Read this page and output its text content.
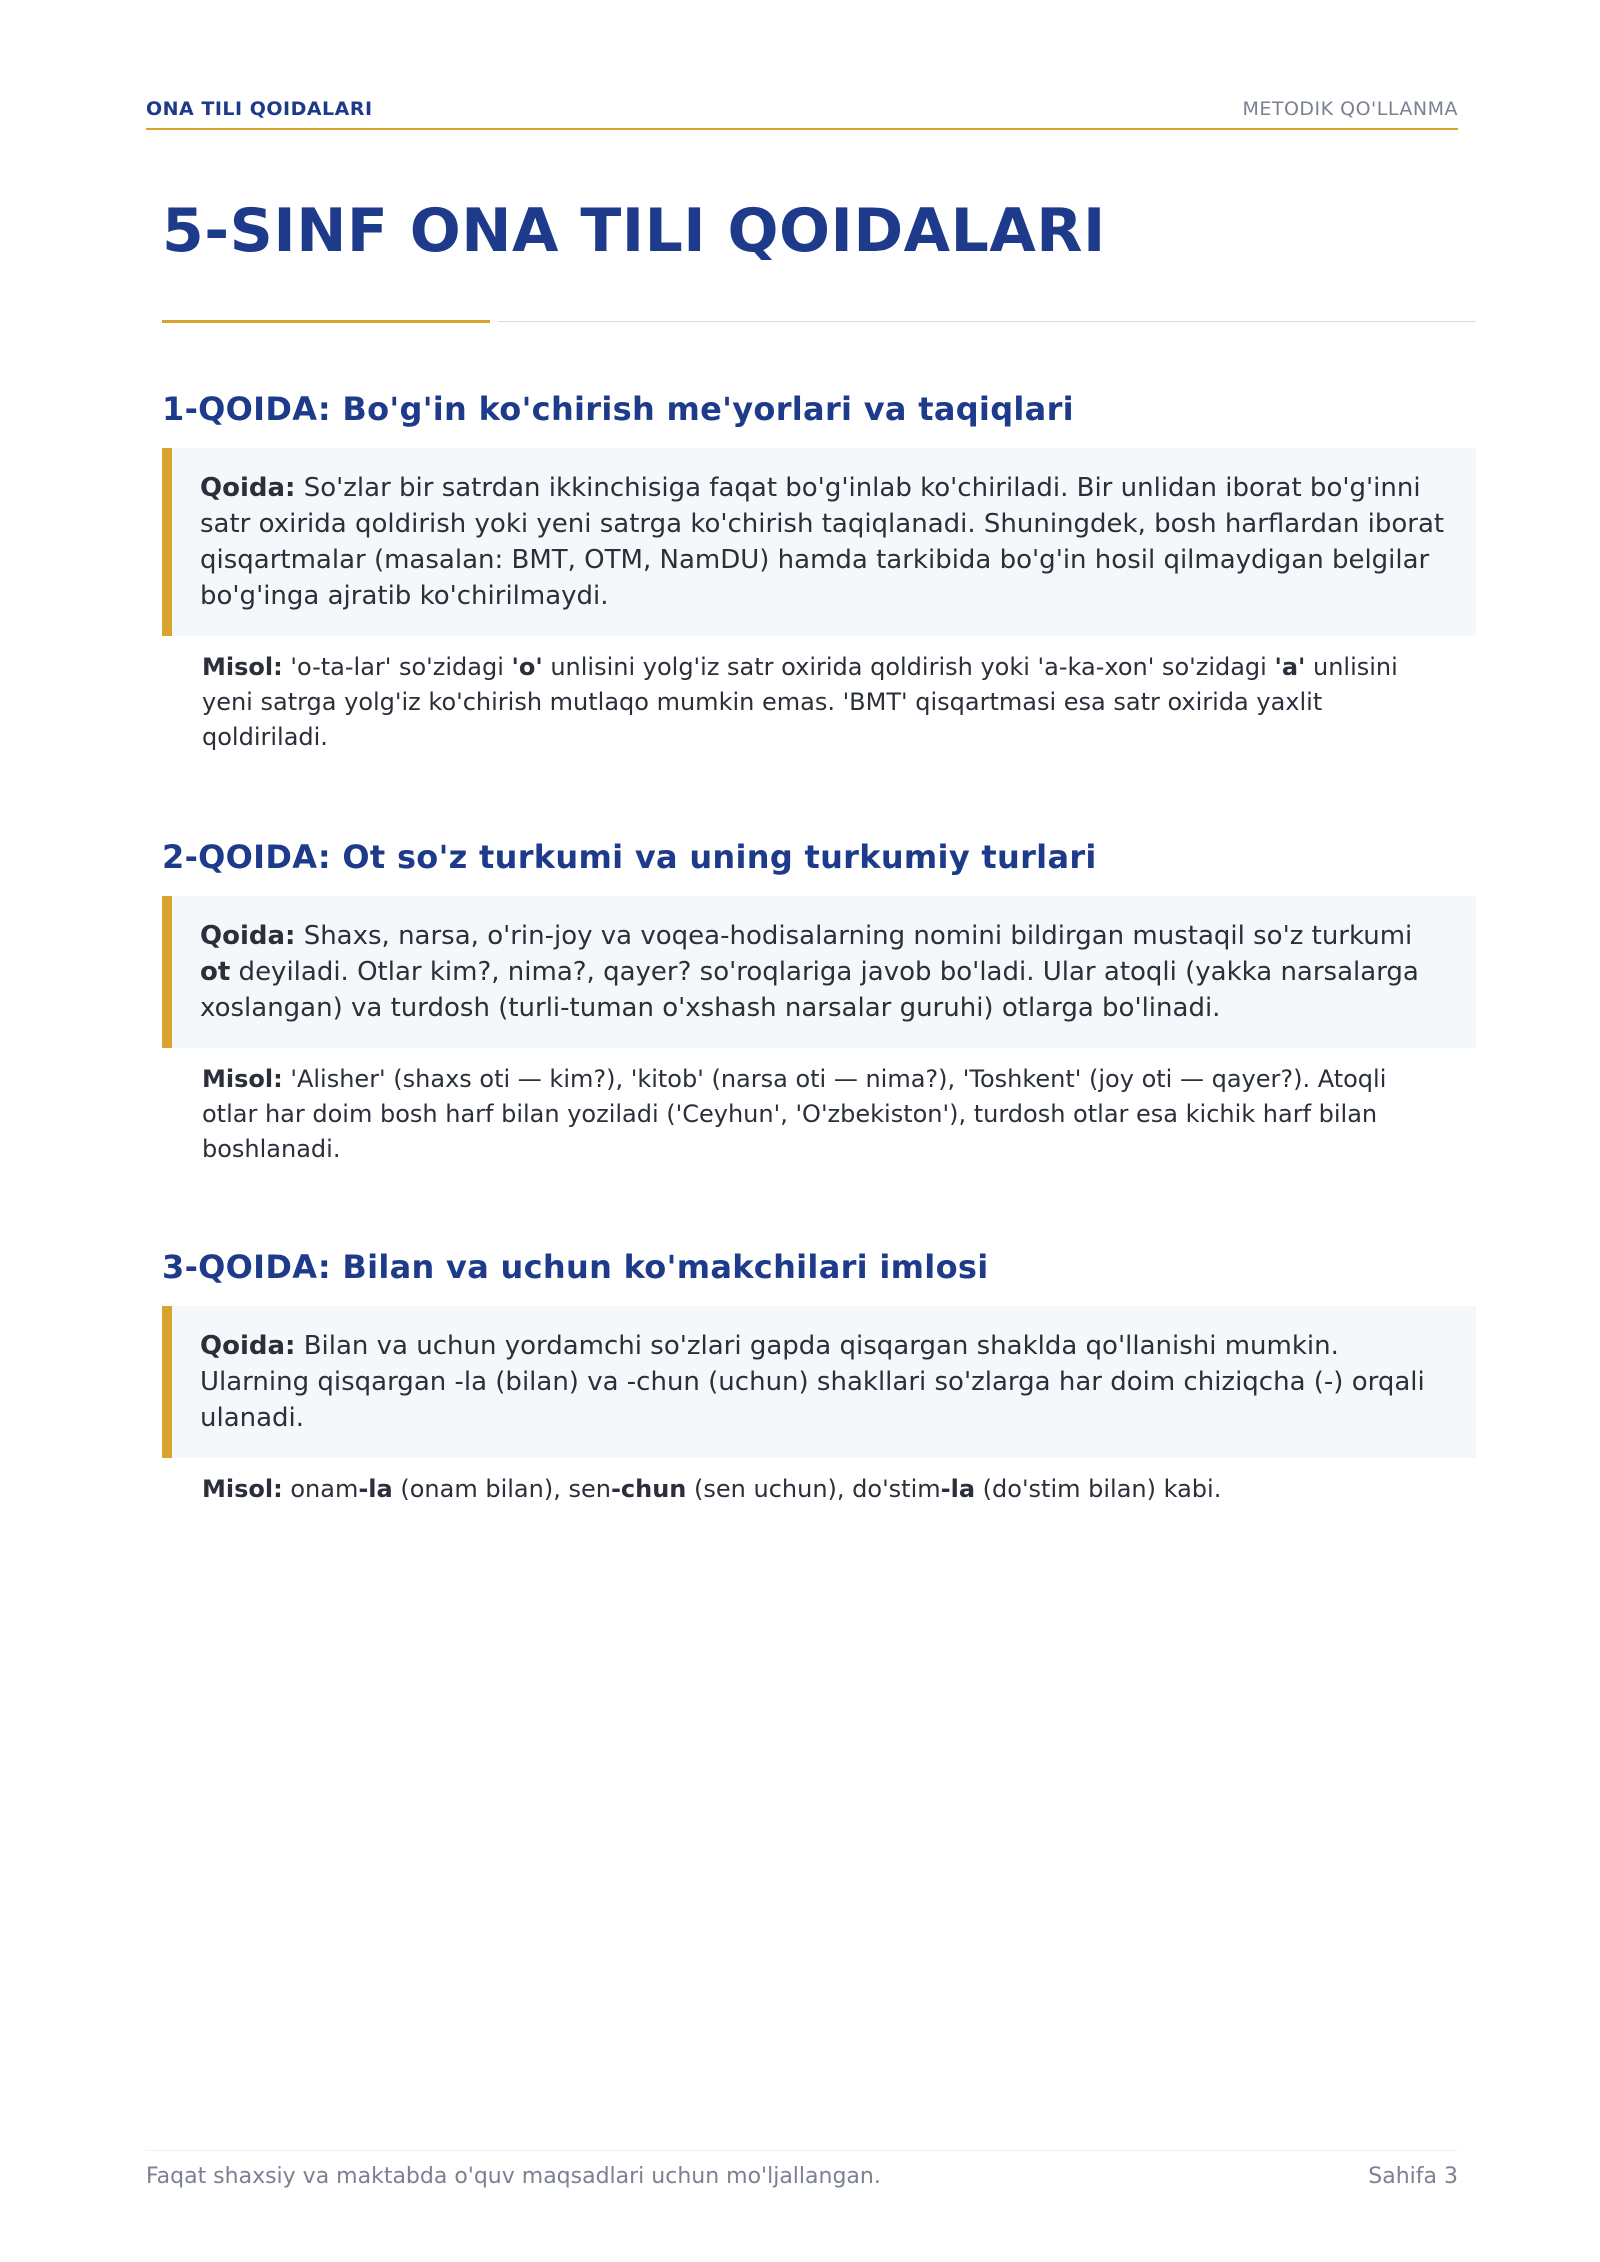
ONA TILI QOIDALARI	METODIK QO'LLANMA
5-SINF ONA TILI QOIDALARI
1-QOIDA: Bo'g'in ko'chirish me'yorlari va taqiqlari
Qoida: So'zlar bir satrdan ikkinchisiga faqat bo'g'inlab ko'chiriladi. Bir unlidan iborat bo'g'inni satr oxirida qoldirish yoki yeni satrga ko'chirish taqiqlanadi. Shuningdek, bosh harflardan iborat qisqartmalar (masalan: BMT, OTM, NamDU) hamda tarkibida bo'g'in hosil qilmaydigan belgilar bo'g'inga ajratib ko'chirilmaydi.
Misol: 'o-ta-lar' so'zidagi 'o' unlisini yolg'iz satr oxirida qoldirish yoki 'a-ka-xon' so'zidagi 'a' unlisini yeni satrga yolg'iz ko'chirish mutlaqo mumkin emas. 'BMT' qisqartmasi esa satr oxirida yaxlit qoldiriladi.
2-QOIDA: Ot so'z turkumi va uning turkumiy turlari
Qoida: Shaxs, narsa, o'rin-joy va voqea-hodisalarning nomini bildirgan mustaqil so'z turkumi ot deyiladi. Otlar kim?, nima?, qayer? so'roqlariga javob bo'ladi. Ular atoqli (yakka narsalarga xoslangan) va turdosh (turli-tuman o'xshash narsalar guruhi) otlarga bo'linadi.
Misol: 'Alisher' (shaxs oti — kim?), 'kitob' (narsa oti — nima?), 'Toshkent' (joy oti — qayer?). Atoqli otlar har doim bosh harf bilan yoziladi ('Ceyhun', 'O'zbekiston'), turdosh otlar esa kichik harf bilan boshlanadi.
3-QOIDA: Bilan va uchun ko'makchilari imlosi
Qoida: Bilan va uchun yordamchi so'zlari gapda qisqargan shaklda qo'llanishi mumkin. Ularning qisqargan -la (bilan) va -chun (uchun) shakllari so'zlarga har doim chiziqcha (-) orqali ulanadi.
Misol: onam-la (onam bilan), sen-chun (sen uchun), do'stim-la (do'stim bilan) kabi.
Faqat shaxsiy va maktabda o'quv maqsadlari uchun mo'ljallangan.	Sahifa 3
